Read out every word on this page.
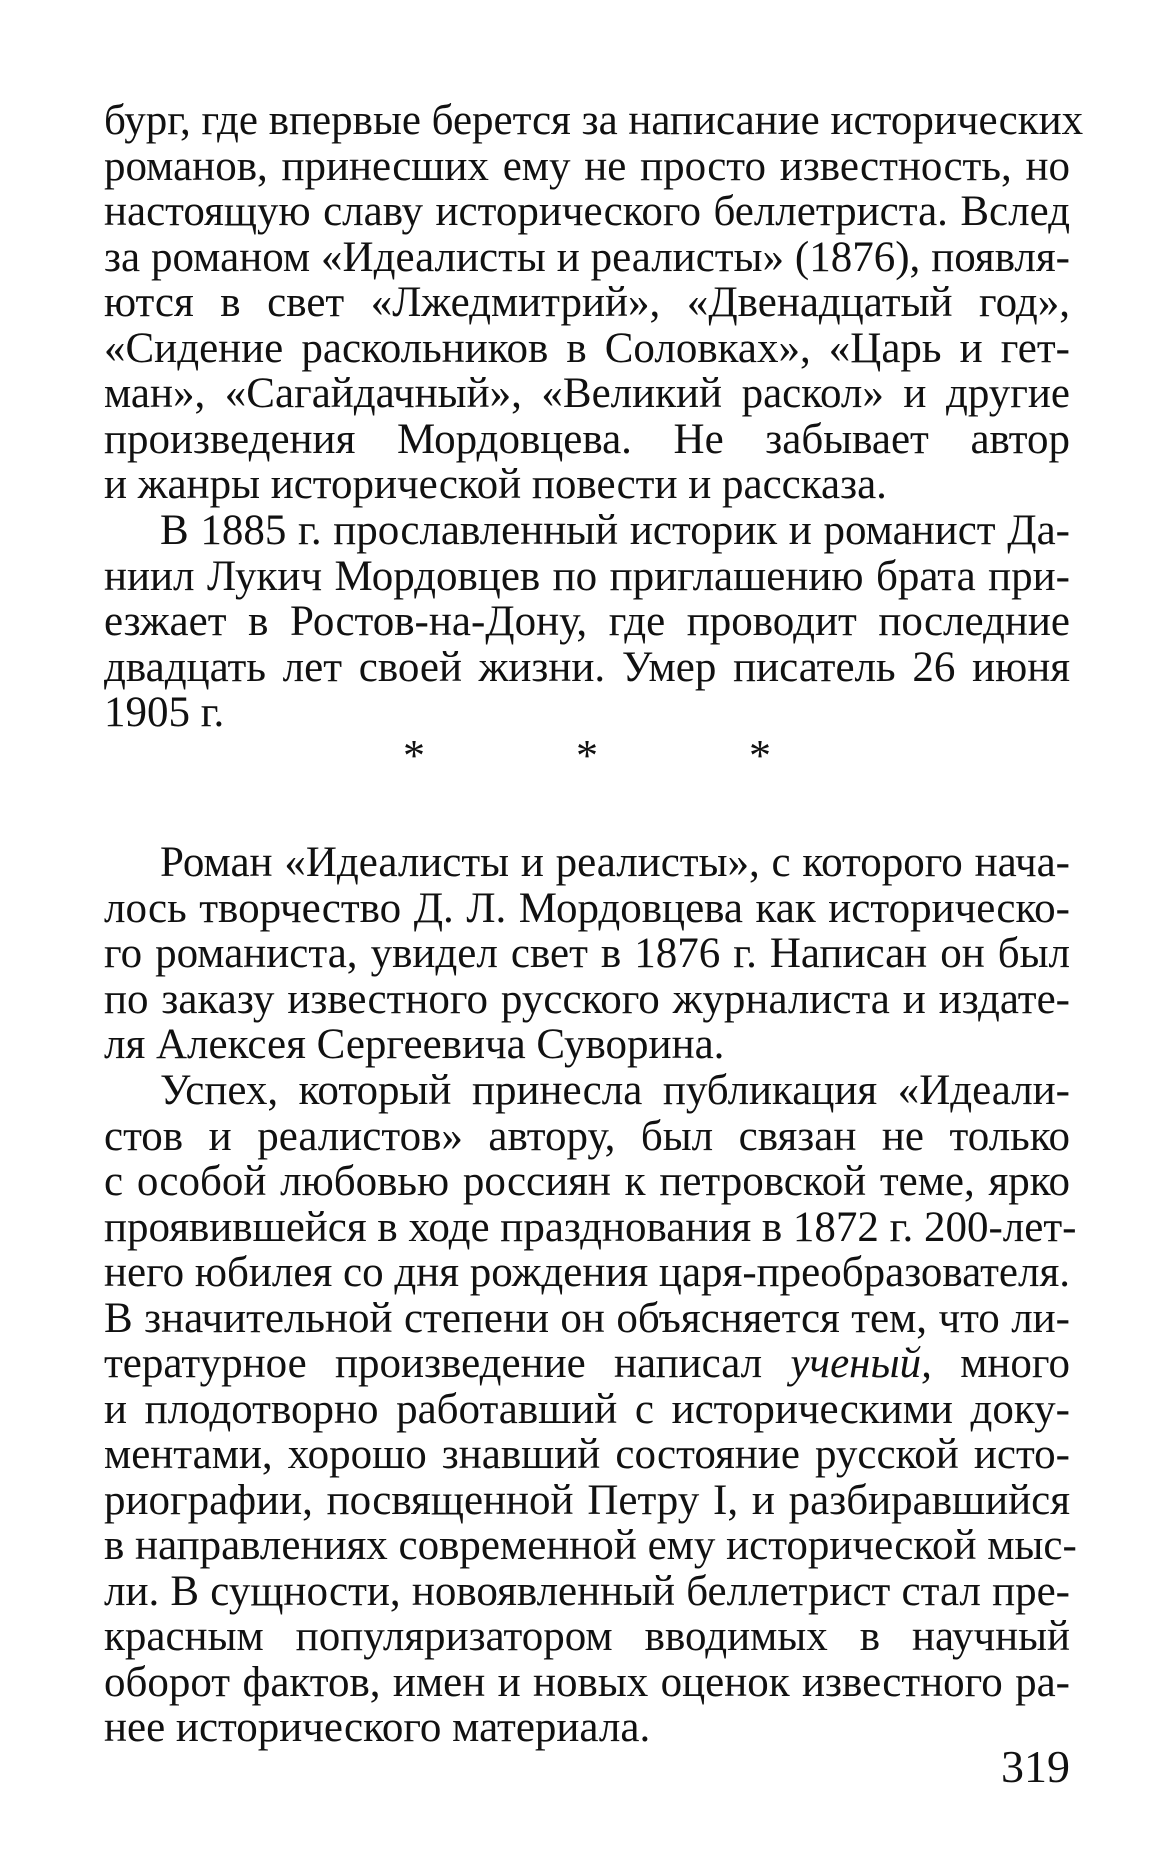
бург, где впервые берется за написание исторических
романов, принесших ему не просто известность, но
настоящую славу исторического беллетриста. Вслед
за романом «Идеалисты и реалисты» (1876), появля-
ются в свет «Лжедмитрий», «Двенадцатый год»,
«Сидение раскольников в Соловках», «Царь и гет-
ман», «Сагайдачный», «Великий раскол» и другие
произведения Мордовцева. Не забывает автор
и жанры исторической повести и рассказа.
В 1885 г. прославленный историк и романист Да-
ниил Лукич Мордовцев по приглашению брата при-
езжает в Ростов-на-Дону, где проводит последние
двадцать лет своей жизни. Умер писатель 26 июня
1905 г.
* * *
Роман «Идеалисты и реалисты», с которого нача-
лось творчество Д. Л. Мордовцева как историческо-
го романиста, увидел свет в 1876 г. Написан он был
по заказу известного русского журналиста и издате-
ля Алексея Сергеевича Суворина.
Успех, который принесла публикация «Идеали-
стов и реалистов» автору, был связан не только
с особой любовью россиян к петровской теме, ярко
проявившейся в ходе празднования в 1872 г. 200-лет-
него юбилея со дня рождения царя-преобразователя.
В значительной степени он объясняется тем, что ли-
тературное произведение написал ученый, много
и плодотворно работавший с историческими доку-
ментами, хорошо знавший состояние русской исто-
риографии, посвященной Петру I, и разбиравшийся
в направлениях современной ему исторической мыс-
ли. В сущности, новоявленный беллетрист стал пре-
красным популяризатором вводимых в научный
оборот фактов, имен и новых оценок известного ра-
нее исторического материала.
319
